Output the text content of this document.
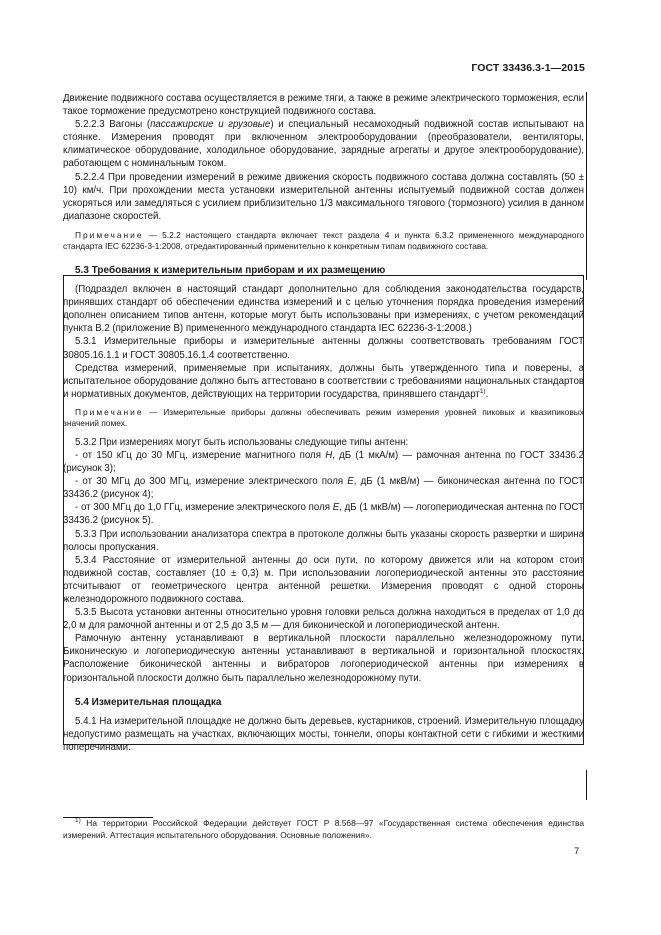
ГОСТ 33436.3-1—2015

Движение подвижного состава осуществляется в режиме тяги, а также в режиме электрического торможения, если такое торможение предусмотрено конструкцией подвижного состава.

5.2.2.3 Вагоны (пассажирские и грузовые) и специальный несамоходный подвижной состав испытывают на стоянке. Измерения проводят при включенном электрооборудовании (преобразователи, вентиляторы, климатическое оборудование, холодильное оборудование, зарядные агрегаты и другое электрооборудование), работающем с номинальным током.

5.2.2.4 При проведении измерений в режиме движения скорость подвижного состава должна составлять (50 ± 10) км/ч. При прохождении места установки измерительной антенны испытуемый подвижной состав должен ускоряться или замедляться с усилием приблизительно 1/3 максимального тягового (тормозного) усилия в данном диапазоне скоростей.

Примечание — 5.2.2 настоящего стандарта включает текст раздела 4 и пункта 6.3.2 примененного международного стандарта IEC 62236-3-1:2008, отредактированный применительно к конкретным типам подвижного состава.

5.3 Требования к измерительным приборам и их размещению

(Подраздел включен в настоящий стандарт дополнительно для соблюдения законодательства государств, принявших стандарт об обеспечении единства измерений и с целью уточнения порядка проведения измерений дополнен описанием типов антенн, которые могут быть использованы при измерениях, с учетом рекомендаций пункта В.2 (приложение В) примененного международного стандарта IEC 62236-3-1:2008.)

5.3.1 Измерительные приборы и измерительные антенны должны соответствовать требованиям ГОСТ 30805.16.1.1 и ГОСТ 30805.16.1.4 соответственно.

Средства измерений, применяемые при испытаниях, должны быть утвержденного типа и поверены, а испытательное оборудование должно быть аттестовано в соответствии с требованиями национальных стандартов и нормативных документов, действующих на территории государства, принявшего стандарт$^{1)}$.

Примечание — Измерительные приборы должны обеспечивать режим измерения уровней пиковых и квазипиковых значений помех.

5.3.2 При измерениях могут быть использованы следующие типы антенн:

- от 150 кГц до 30 МГц, измерение магнитного поля H, дБ (1 мкА/м) — рамочная антенна по ГОСТ 33436.2 (рисунок 3);

- от 30 МГц до 300 МГц, измерение электрического поля E, дБ (1 мкВ/м) — биконическая антенна по ГОСТ 33436.2 (рисунок 4);

- от 300 МГц до 1,0 ГГц, измерение электрического поля E, дБ (1 мкВ/м) — логопериодическая антенна по ГОСТ 33436.2 (рисунок 5).

5.3.3 При использовании анализатора спектра в протоколе должны быть указаны скорость развертки и ширина полосы пропускания.

5.3.4 Расстояние от измерительной антенны до оси пути, по которому движется или на котором стоит подвижной состав, составляет (10 ± 0,3) м. При использовании логопериодической антенны это расстояние отсчитывают от геометрического центра антенной решетки. Измерения проводят с одной стороны железнодорожного подвижного состава.

5.3.5 Высота установки антенны относительно уровня головки рельса должна находиться в пределах от 1,0 до 2,0 м для рамочной антенны и от 2,5 до 3,5 м — для биконической и логопериодической антенн.

Рамочную антенну устанавливают в вертикальной плоскости параллельно железнодорожному пути. Биконическую и логопериодическую антенны устанавливают в вертикальной и горизонтальной плоскостях. Расположение биконической антенны и вибраторов логопериодической антенны при измерениях в горизонтальной плоскости должно быть параллельно железнодорожному пути.

5.4 Измерительная площадка

5.4.1 На измерительной площадке не должно быть деревьев, кустарников, строений. Измерительную площадку недопустимо размещать на участках, включающих мосты, тоннели, опоры контактной сети с гибкими и жесткими поперечинами.

$^{1)}$ На территории Российской Федерации действует ГОСТ Р 8.568—97 «Государственная система обеспечения единства измерений. Аттестация испытательного оборудования. Основные положения».
7
